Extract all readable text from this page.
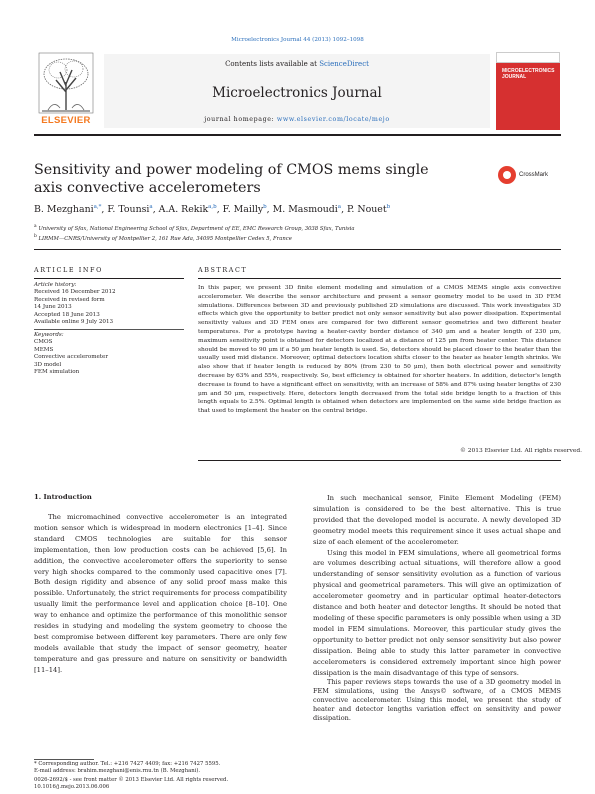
Microelectronics Journal 44 (2013) 1092–1098
ELSEVIER
Contents lists available at ScienceDirect
Microelectronics Journal
journal homepage: www.elsevier.com/locate/mejo
MICROELECTRONICS JOURNAL
Sensitivity and power modeling of CMOS mems single axis convective accelerometers
CrossMark
B. Mezghani$^{a,*}$, F. Tounsi$^a$, A.A. Rekik$^{a,b}$, F. Mailly$^b$, M. Masmoudi$^a$, P. Nouet$^b$
$^a$ University of Sfax, National Engineering School of Sfax, Department of EE, EMC Research Group, 3038 Sfax, Tunisia
$^b$ LIRMM—CNRS/University of Montpellier 2, 161 Rue Ada, 34095 Montpellier Cedex 5, France
ARTICLE INFO	ABSTRACT
Article history:
Received 16 December 2012
Received in revised form
14 June 2013
Accepted 18 June 2013
Available online 9 July 2013
Keywords:
CMOS
MEMS
Convective accelerometer
3D model
FEM simulation
In this paper, we present 3D finite element modeling and simulation of a CMOS MEMS single axis convective accelerometer. We describe the sensor architecture and present a sensor geometry model to be used in 3D FEM simulations. Differences between 3D and previously published 2D simulations are discussed. This work investigates 3D effects which give the opportunity to better predict not only sensor sensitivity but also power dissipation. Experimental sensitivity values and 3D FEM ones are compared for two different sensor geometries and two different heater temperatures. For a prototype having a heater-cavity border distance of 340 μm and a heater length of 230 μm, maximum sensitivity point is obtained for detectors localized at a distance of 125 μm from heater center. This distance should be moved to 90 μm if a 50 μm heater length is used. So, detectors should be placed closer to the heater than the usually used mid distance. Moreover, optimal detectors location shifts closer to the heater as heater length shrinks. We also show that if heater length is reduced by 80% (from 230 to 50 μm), then both electrical power and sensitivity decrease by 63% and 55%, respectively. So, best efficiency is obtained for shorter heaters. In addition, detector's length decrease is found to have a significant effect on sensitivity, with an increase of 58% and 87% using heater lengths of 230 μm and 50 μm, respectively. Here, detectors length decreased from the total side bridge length to a fraction of this length equals to 2.5%. Optimal length is obtained when detectors are implemented on the same side bridge fraction as that used to implement the heater on the central bridge.
© 2013 Elsevier Ltd. All rights reserved.
1. Introduction

The micromachined convective accelerometer is an integrated motion sensor which is widespread in modern electronics [1–4]. Since standard CMOS technologies are suitable for this sensor implementation, then low production costs can be achieved [5,6]. In addition, the convective accelerometer offers the superiority to sense very high shocks compared to the commonly used capacitive ones [7]. Both design rigidity and absence of any solid proof mass make this possible. Unfortunately, the strict requirements for process compatibility usually limit the performance level and application choice [8–10]. One way to enhance and optimize the performance of this monolithic sensor resides in studying and modeling the system geometry to choose the best compromise between different key parameters. There are only few models available that study the impact of sensor geometry, heater temperature and gas pressure and nature on sensitivity or bandwidth [11–14].

In such mechanical sensor, Finite Element Modeling (FEM) simulation is considered to be the best alternative. This is true provided that the developed model is accurate. A newly developed 3D geometry model meets this requirement since it uses actual shape and size of each element of the accelerometer.

Using this model in FEM simulations, where all geometrical forms are volumes describing actual situations, will therefore allow a good understanding of sensor sensitivity evolution as a function of various physical and geometrical parameters. This will give an optimization of accelerometer geometry and in particular optimal heater-detectors distance and both heater and detector lengths. It should be noted that modeling of these specific parameters is only possible when using a 3D model in FEM simulations. Moreover, this particular study gives the opportunity to better predict not only sensor sensitivity but also power dissipation. Being able to study this latter parameter in convective accelerometers is considered extremely important since high power dissipation is the main disadvantage of this type of sensors.

This paper reviews steps towards the use of a 3D geometry model in FEM simulations, using the Ansys© software, of a CMOS MEMS convective accelerometer. Using this model, we present the study of heater and detector lengths variation effect on sensitivity and power dissipation.

* Corresponding author. Tel.: +216 7427 4409; fax: +216 7427 5595.
E-mail address: brahim.mezghani@enis.rnu.tn (B. Mezghani).
0026-2692/$ - see front matter © 2013 Elsevier Ltd. All rights reserved.
10.1016/j.mejo.2013.06.006
